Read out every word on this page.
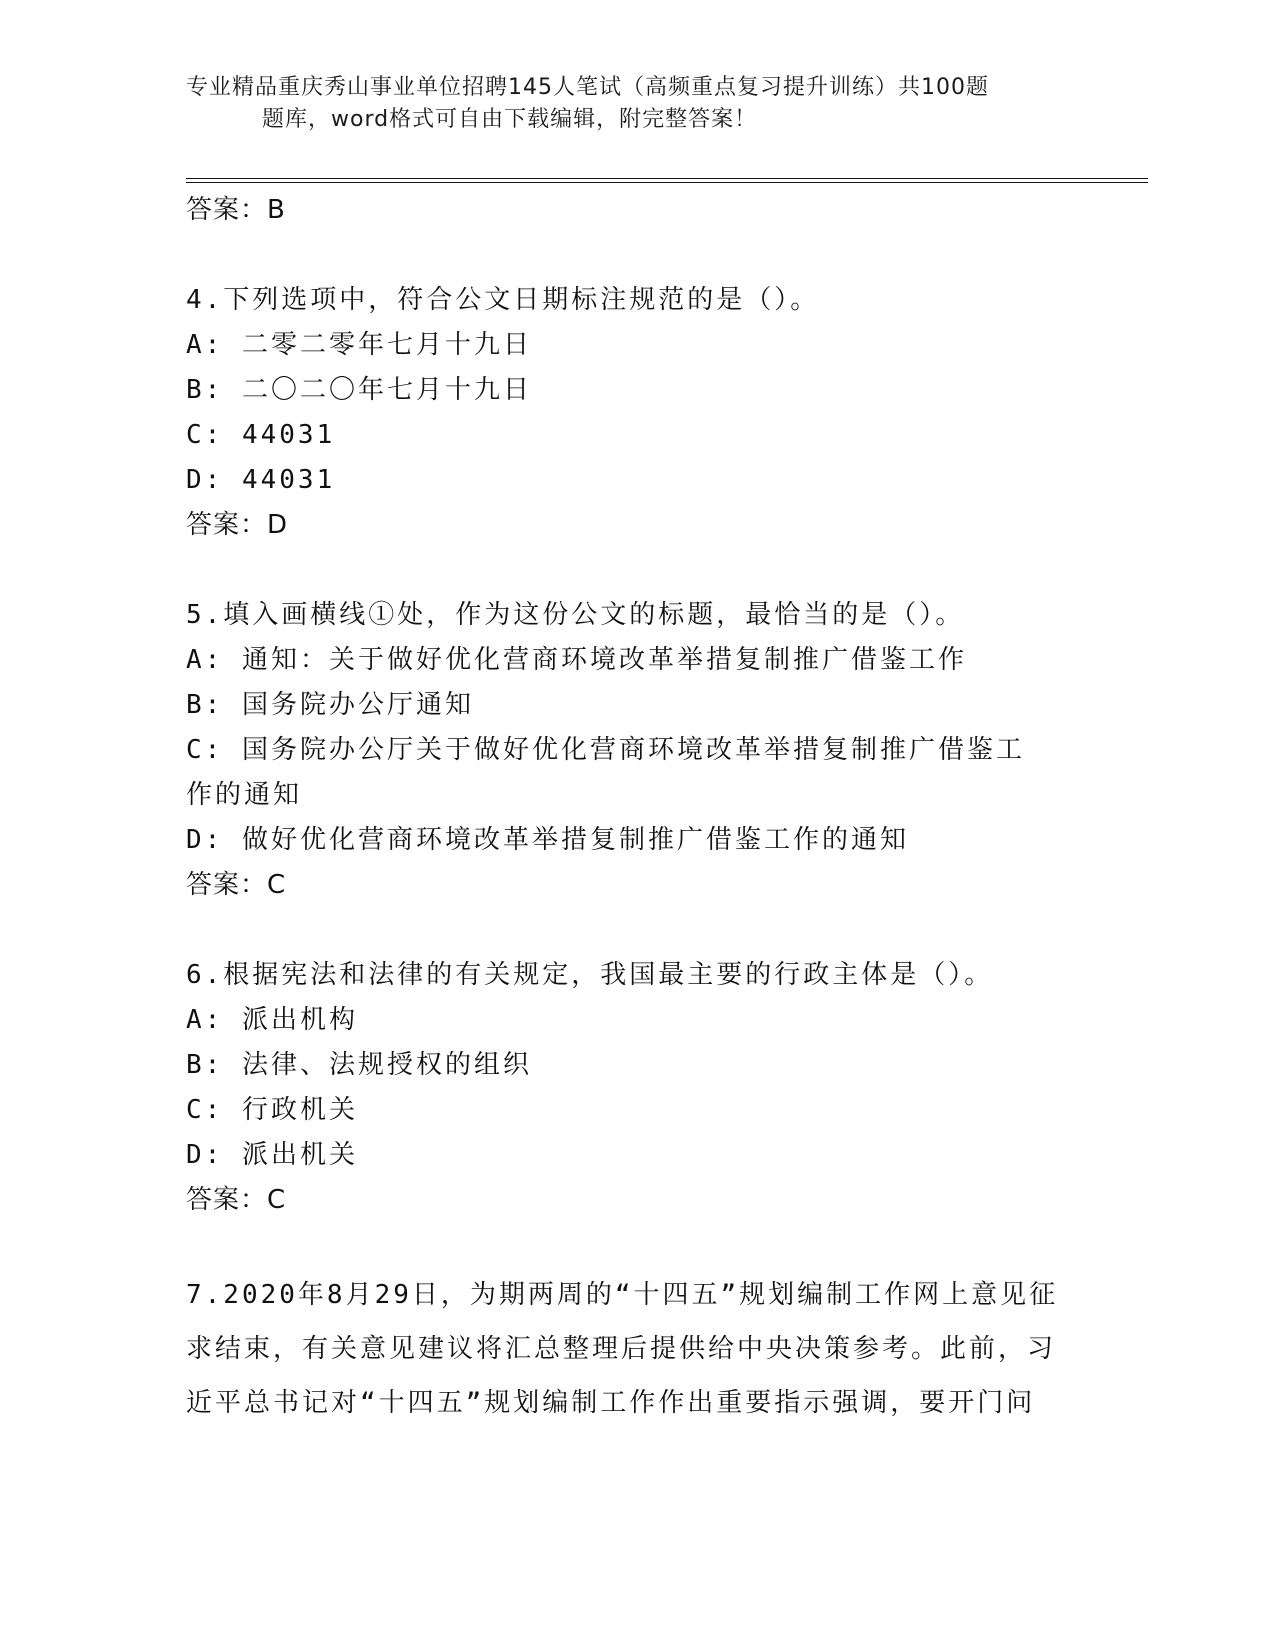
专业精品重庆秀山事业单位招聘145人笔试（高频重点复习提升训练）共100题
题库，word格式可自由下载编辑，附完整答案！
答案：B
4.下列选项中，符合公文日期标注规范的是（）。
A: 二零二零年七月十九日
B: 二〇二〇年七月十九日
C: 44031
D: 44031
答案：D
5.填入画横线①处，作为这份公文的标题，最恰当的是（）。
A: 通知：关于做好优化营商环境改革举措复制推广借鉴工作
B: 国务院办公厅通知
C: 国务院办公厅关于做好优化营商环境改革举措复制推广借鉴工作的通知
D: 做好优化营商环境改革举措复制推广借鉴工作的通知
答案：C
6.根据宪法和法律的有关规定，我国最主要的行政主体是（）。
A: 派出机构
B: 法律、法规授权的组织
C: 行政机关
D: 派出机关
答案：C
7.2020年8月29日，为期两周的“十四五”规划编制工作网上意见征求结束，有关意见建议将汇总整理后提供给中央决策参考。此前，习近平总书记对“十四五”规划编制工作作出重要指示强调，要开门问
